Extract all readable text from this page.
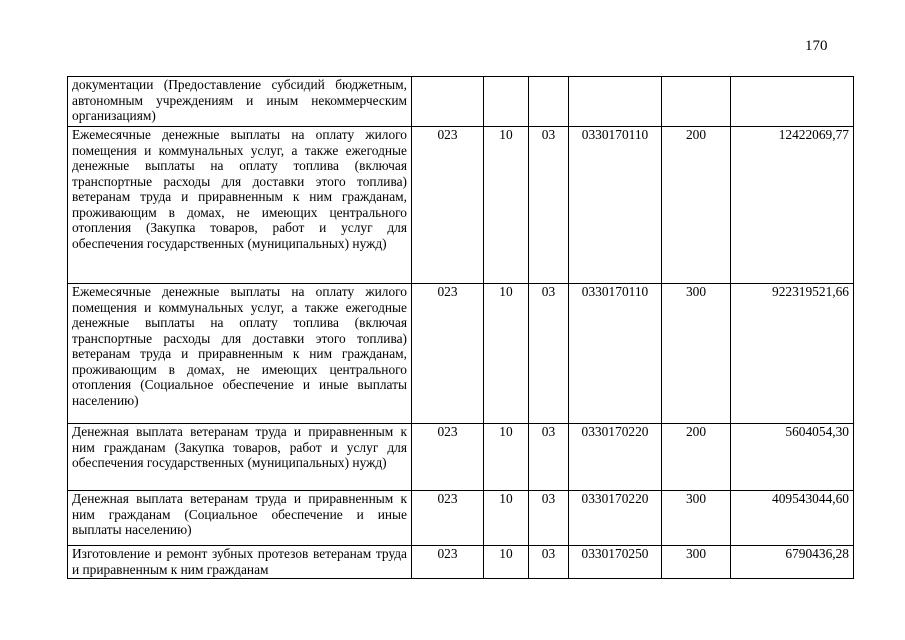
170
документации (Предоставление субсидий бюджетным, автономным учреждениям и иным некоммерческим организациям)						
Ежемесячные денежные выплаты на оплату жилого помещения и коммунальных услуг, а также ежегодные денежные выплаты на оплату топлива (включая транспортные расходы для доставки этого топлива) ветеранам труда и приравненным к ним гражданам, проживающим в домах, не имеющих центрального отопления (Закупка товаров, работ и услуг для обеспечения государственных (муниципальных) нужд)	023	10	03	0330170110	200	12422069,77
Ежемесячные денежные выплаты на оплату жилого помещения и коммунальных услуг, а также ежегодные денежные выплаты на оплату топлива (включая транспортные расходы для доставки этого топлива) ветеранам труда и приравненным к ним гражданам, проживающим в домах, не имеющих центрального отопления (Социальное обеспечение и иные выплаты населению)	023	10	03	0330170110	300	922319521,66
Денежная выплата ветеранам труда и приравненным к ним гражданам (Закупка товаров, работ и услуг для обеспечения государственных (муниципальных) нужд)	023	10	03	0330170220	200	5604054,30
Денежная выплата ветеранам труда и приравненным к ним гражданам (Социальное обеспечение и иные выплаты населению)	023	10	03	0330170220	300	409543044,60
Изготовление и ремонт зубных протезов ветеранам труда и приравненным к ним гражданам	023	10	03	0330170250	300	6790436,28
